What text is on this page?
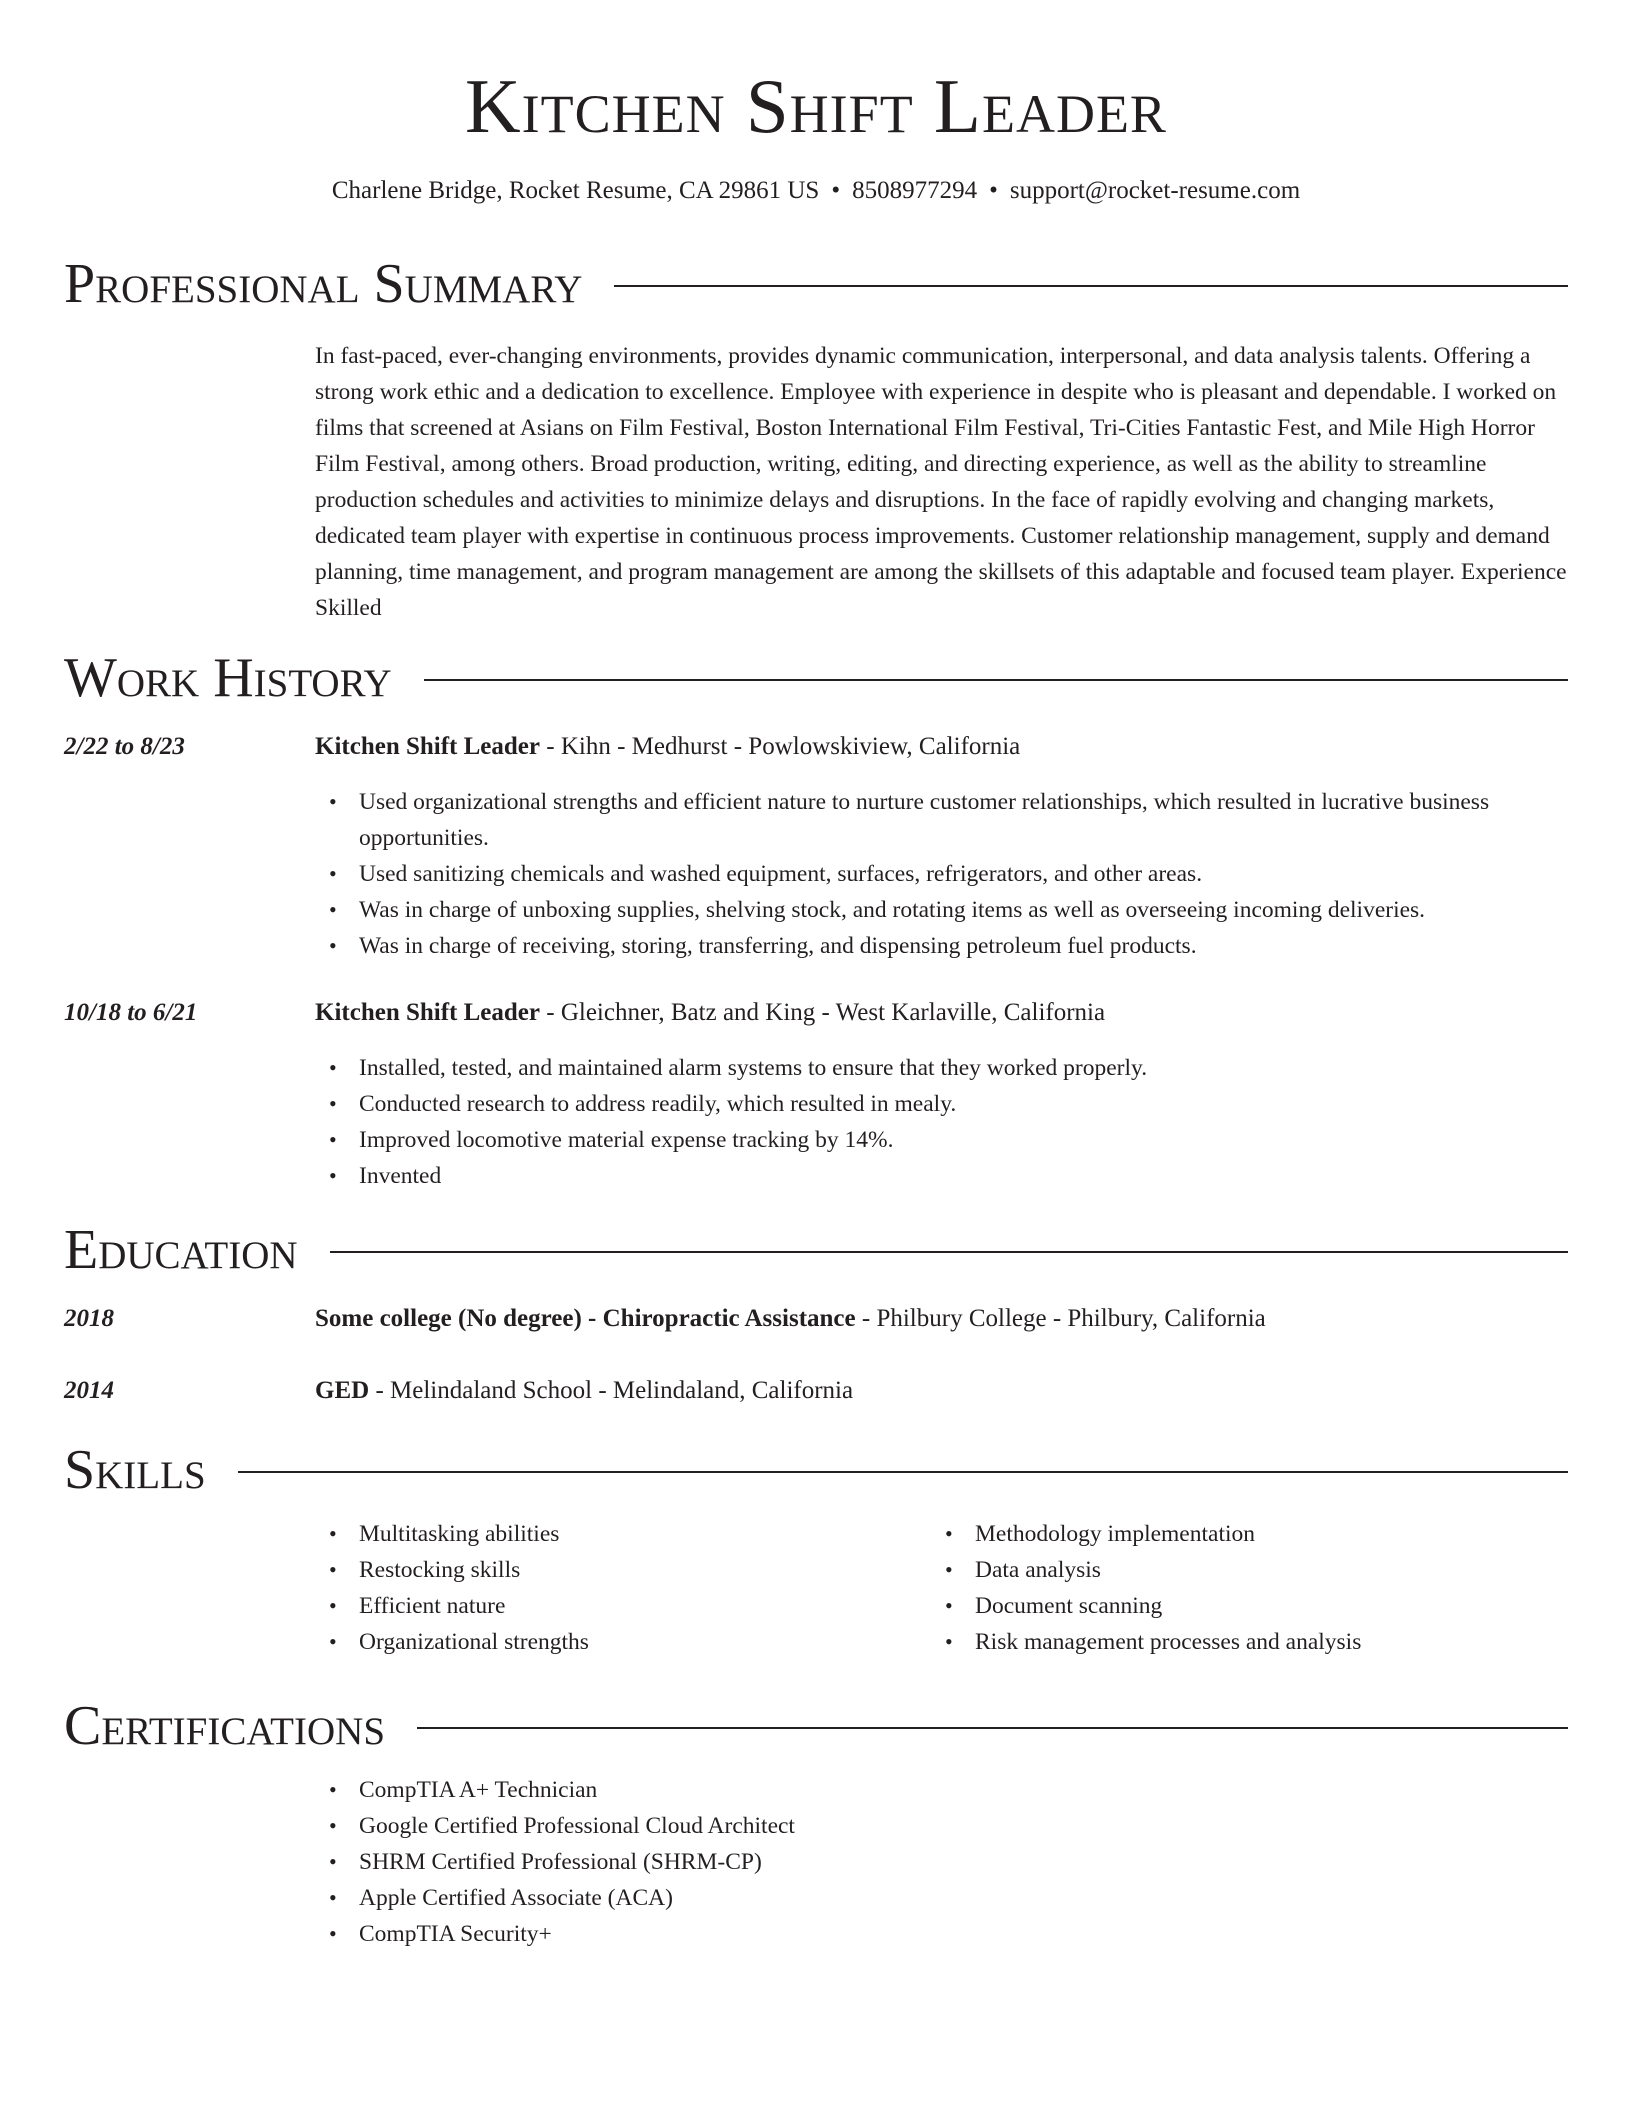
Kitchen Shift Leader
Charlene Bridge, Rocket Resume, CA 29861 US • 8508977294 • support@rocket-resume.com
Professional Summary

In fast-paced, ever-changing environments, provides dynamic communication, interpersonal, and data analysis talents. Offering a strong work ethic and a dedication to excellence. Employee with experience in despite who is pleasant and dependable. I worked on films that screened at Asians on Film Festival, Boston International Film Festival, Tri-Cities Fantastic Fest, and Mile High Horror Film Festival, among others. Broad production, writing, editing, and directing experience, as well as the ability to streamline production schedules and activities to minimize delays and disruptions. In the face of rapidly evolving and changing markets, dedicated team player with expertise in continuous process improvements. Customer relationship management, supply and demand planning, time management, and program management are among the skillsets of this adaptable and focused team player. Experience Skilled

Work History
2/22 to 8/23	Kitchen Shift Leader - Kihn - Medhurst - Powlowskiview, California
• Used organizational strengths and efficient nature to nurture customer relationships, which resulted in lucrative business opportunities.
• Used sanitizing chemicals and washed equipment, surfaces, refrigerators, and other areas.
• Was in charge of unboxing supplies, shelving stock, and rotating items as well as overseeing incoming deliveries.
• Was in charge of receiving, storing, transferring, and dispensing petroleum fuel products.
10/18 to 6/21	Kitchen Shift Leader - Gleichner, Batz and King - West Karlaville, California
• Installed, tested, and maintained alarm systems to ensure that they worked properly.
• Conducted research to address readily, which resulted in mealy.
• Improved locomotive material expense tracking by 14%.
• Invented
Education
2018	Some college (No degree) - Chiropractic Assistance - Philbury College - Philbury, California
2014	GED - Melindaland School - Melindaland, California
Skills
• Multitasking abilities
• Restocking skills
• Efficient nature
• Organizational strengths
• Methodology implementation
• Data analysis
• Document scanning
• Risk management processes and analysis
Certifications
• CompTIA A+ Technician
• Google Certified Professional Cloud Architect
• SHRM Certified Professional (SHRM-CP)
• Apple Certified Associate (ACA)
• CompTIA Security+
